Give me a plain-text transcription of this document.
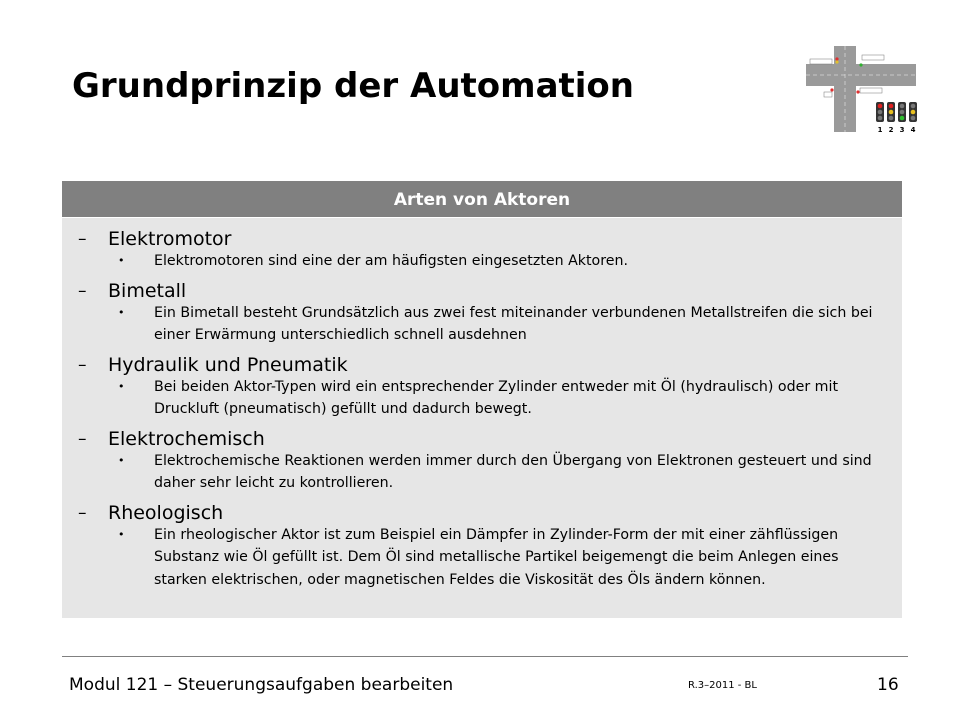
Grundprinzip der Automation
1 2 3 4
Arten von Aktoren
–	Elektromotor
•	Elektromotoren sind eine der am häufigsten eingesetzten Aktoren.
–	Bimetall
•	Ein Bimetall besteht Grundsätzlich aus zwei fest miteinander verbundenen Metallstreifen die sich bei einer Erwärmung unterschiedlich schnell ausdehnen
–	Hydraulik und Pneumatik
•	Bei beiden Aktor-Typen wird ein entsprechender Zylinder entweder mit Öl (hydraulisch) oder mit Druckluft (pneumatisch) gefüllt und dadurch bewegt.
–	Elektrochemisch
•	Elektrochemische Reaktionen werden immer durch den Übergang von Elektronen gesteuert und sind daher sehr leicht zu kontrollieren.
–	Rheologisch
•	Ein rheologischer Aktor ist zum Beispiel ein Dämpfer in Zylinder-Form der mit einer zähflüssigen Substanz wie Öl gefüllt ist. Dem Öl sind metallische Partikel beigemengt die beim Anlegen eines starken elektrischen, oder magnetischen Feldes die Viskosität des Öls ändern können.
Modul 121 – Steuerungsaufgaben bearbeiten	R.3–2011 - BL	16
